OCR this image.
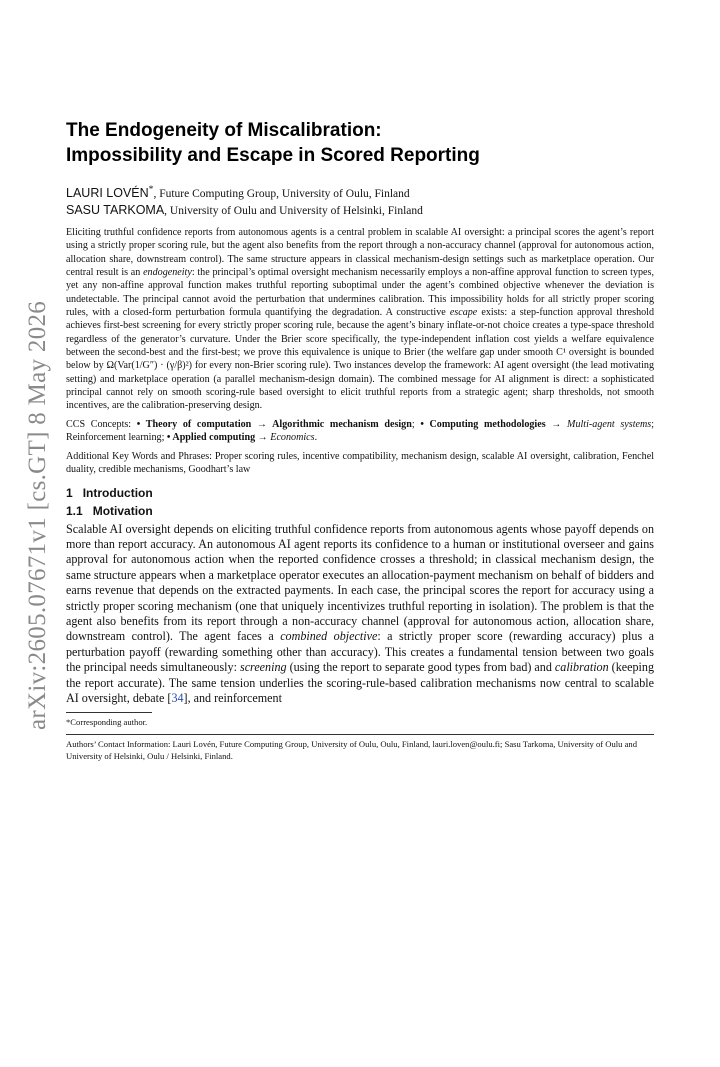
arXiv:2605.07671v1 [cs.GT] 8 May 2026
The Endogeneity of Miscalibration:
Impossibility and Escape in Scored Reporting
LAURI LOVÉN*, Future Computing Group, University of Oulu, Finland
SASU TARKOMA, University of Oulu and University of Helsinki, Finland

Eliciting truthful confidence reports from autonomous agents is a central problem in scalable AI oversight: a principal scores the agent’s report using a strictly proper scoring rule, but the agent also benefits from the report through a non-accuracy channel (approval for autonomous action, allocation share, downstream control). The same structure appears in classical mechanism-design settings such as marketplace operation. Our central result is an endogeneity: the principal’s optimal oversight mechanism necessarily employs a non-affine approval function to screen types, yet any non-affine approval function makes truthful reporting suboptimal under the agent’s combined objective whenever the deviation is undetectable. The principal cannot avoid the perturbation that undermines calibration. This impossibility holds for all strictly proper scoring rules, with a closed-form perturbation formula quantifying the degradation. A constructive escape exists: a step-function approval threshold achieves first-best screening for every strictly proper scoring rule, because the agent’s binary inflate-or-not choice creates a type-space threshold regardless of the generator’s curvature. Under the Brier score specifically, the type-independent inflation cost yields a welfare equivalence between the second-best and the first-best; we prove this equivalence is unique to Brier (the welfare gap under smooth C¹ oversight is bounded below by Ω(Var(1/G″) · (γ/β)²) for every non-Brier scoring rule). Two instances develop the framework: AI agent oversight (the lead motivating setting) and marketplace operation (a parallel mechanism-design domain). The combined message for AI alignment is direct: a sophisticated principal cannot rely on smooth scoring-rule based oversight to elicit truthful reports from a strategic agent; sharp thresholds, not smooth incentives, are the calibration-preserving design.

CCS Concepts: • Theory of computation → Algorithmic mechanism design; • Computing methodologies → Multi-agent systems; Reinforcement learning; • Applied computing → Economics.

Additional Key Words and Phrases: Proper scoring rules, incentive compatibility, mechanism design, scalable AI oversight, calibration, Fenchel duality, credible mechanisms, Goodhart’s law

1 Introduction
1.1 Motivation

Scalable AI oversight depends on eliciting truthful confidence reports from autonomous agents whose payoff depends on more than report accuracy. An autonomous AI agent reports its confidence to a human or institutional overseer and gains approval for autonomous action when the reported confidence crosses a threshold; in classical mechanism design, the same structure appears when a marketplace operator executes an allocation-payment mechanism on behalf of bidders and earns revenue that depends on the extracted payments. In each case, the principal scores the report for accuracy using a strictly proper scoring mechanism (one that uniquely incentivizes truthful reporting in isolation). The problem is that the agent also benefits from its report through a non-accuracy channel (approval for autonomous action, allocation share, downstream control). The agent faces a combined objective: a strictly proper score (rewarding accuracy) plus a perturbation payoff (rewarding something other than accuracy). This creates a fundamental tension between two goals the principal needs simultaneously: screening (using the report to separate good types from bad) and calibration (keeping the report accurate). The same tension underlies the scoring-rule-based calibration mechanisms now central to scalable AI oversight, debate [34], and reinforcement

*Corresponding author.
Authors’ Contact Information: Lauri Lovén, Future Computing Group, University of Oulu, Oulu, Finland, lauri.loven@oulu.fi; Sasu Tarkoma, University of Oulu and University of Helsinki, Oulu / Helsinki, Finland.
